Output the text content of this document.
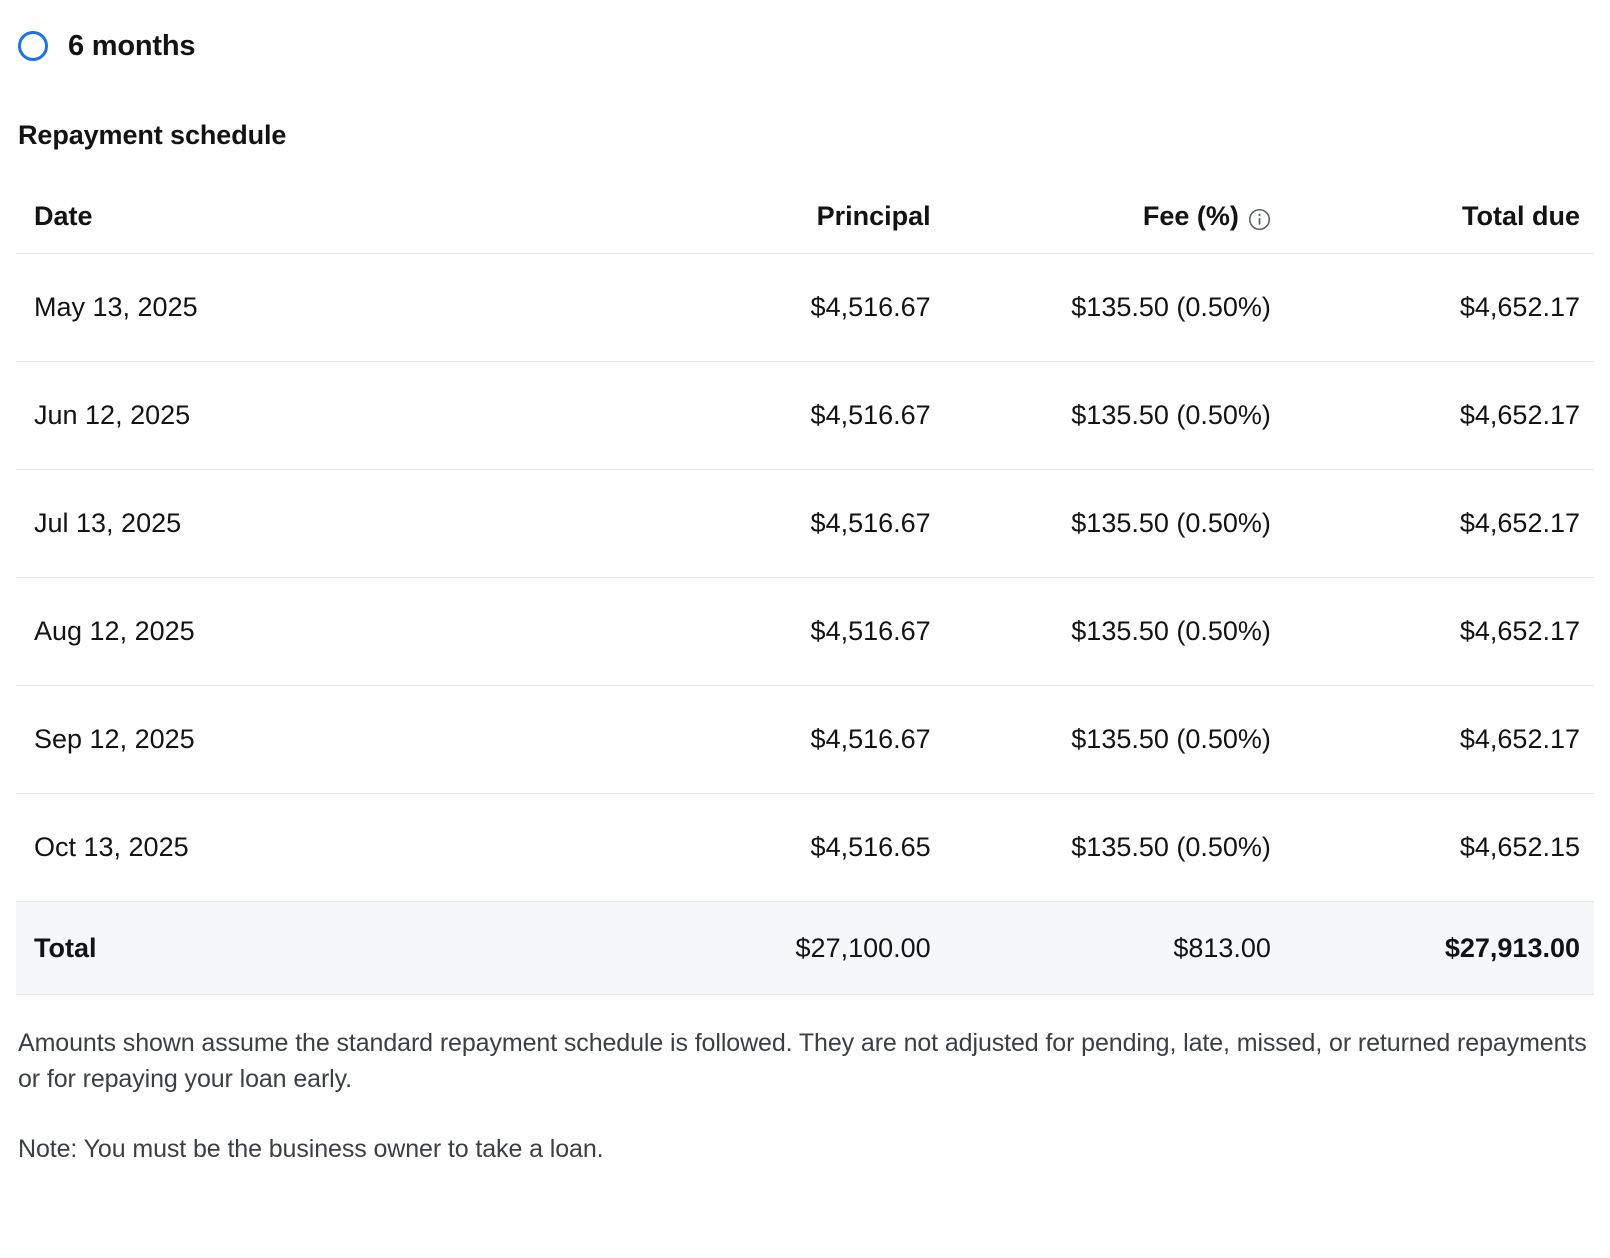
6 months
Repayment schedule
Date	Principal	Fee (%)	Total due
May 13, 2025	$4,516.67	$135.50 (0.50%)	$4,652.17
Jun 12, 2025	$4,516.67	$135.50 (0.50%)	$4,652.17
Jul 13, 2025	$4,516.67	$135.50 (0.50%)	$4,652.17
Aug 12, 2025	$4,516.67	$135.50 (0.50%)	$4,652.17
Sep 12, 2025	$4,516.67	$135.50 (0.50%)	$4,652.17
Oct 13, 2025	$4,516.65	$135.50 (0.50%)	$4,652.15
Total	$27,100.00	$813.00	$27,913.00

Amounts shown assume the standard repayment schedule is followed. They are not adjusted for pending, late, missed, or returned repayments or for repaying your loan early.

Note: You must be the business owner to take a loan.
